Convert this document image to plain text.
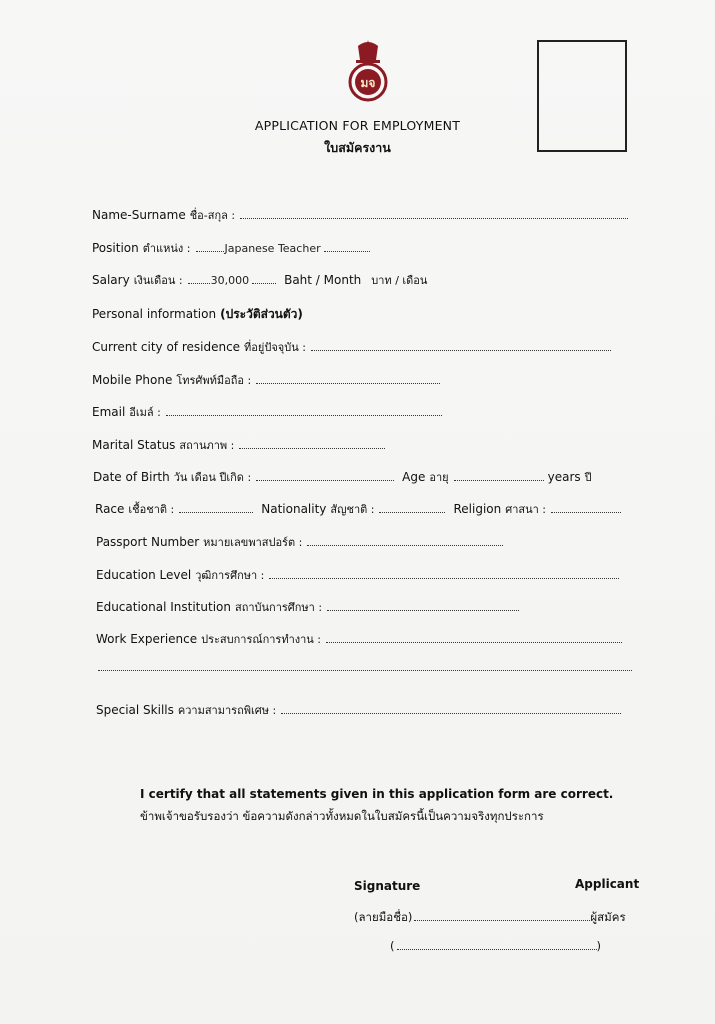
มจ
APPLICATION FOR EMPLOYMENT
ใบสมัครงาน
Name-Surname ชื่อ-สกุล :
Position ตำแหน่ง :	Japanese Teacher
Salary เงินเดือน :	30,000	Baht / Month บาท / เดือน
Personal information (ประวัติส่วนตัว)
Current city of residence ที่อยู่ปัจจุบัน :
Mobile Phone โทรศัพท์มือถือ :
Email อีเมล์ :
Marital Status สถานภาพ :
Date of Birth วัน เดือน ปีเกิด :	Age อายุ	years ปี
Race เชื้อชาติ :	Nationality สัญชาติ :	Religion ศาสนา :
Passport Number หมายเลขพาสปอร์ต :
Education Level วุฒิการศึกษา :
Educational Institution สถาบันการศึกษา :
Work Experience ประสบการณ์การทำงาน :
Special Skills ความสามารถพิเศษ :
I certify that all statements given in this application form are correct.
ข้าพเจ้าขอรับรองว่า ข้อความดังกล่าวทั้งหมดในใบสมัครนี้เป็นความจริงทุกประการ
Signature	Applicant
(ลายมือชื่อ)	ผู้สมัคร
(	)
